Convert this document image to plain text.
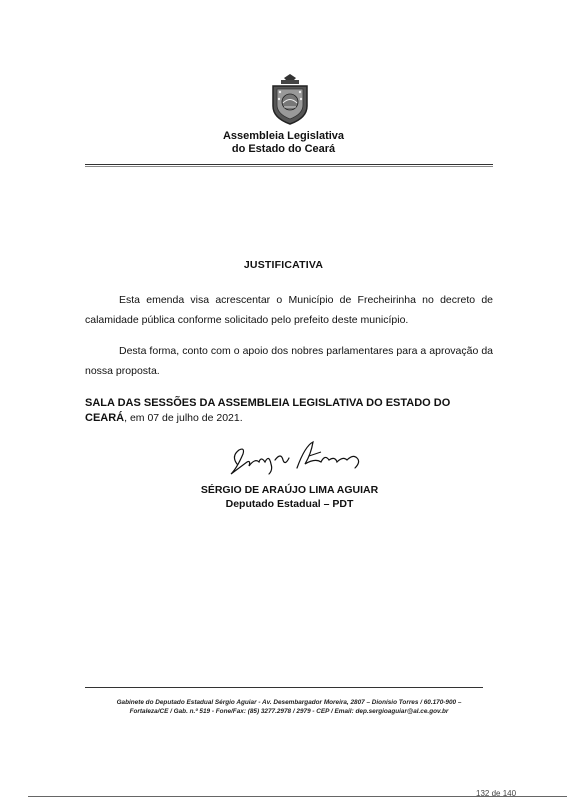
Assembleia Legislativa
do Estado do Ceará
JUSTIFICATIVA
Esta emenda visa acrescentar o Município de Frecheirinha no decreto de calamidade pública conforme solicitado pelo prefeito deste município.
Desta forma, conto com o apoio dos nobres parlamentares para a aprovação da nossa proposta.
SALA DAS SESSÕES DA ASSEMBLEIA LEGISLATIVA DO ESTADO DO CEARÁ, em 07 de julho de 2021.
SÉRGIO DE ARAÚJO LIMA AGUIAR
Deputado Estadual – PDT
Gabinete do Deputado Estadual Sérgio Aguiar - Av. Desembargador Moreira, 2807 – Dionísio Torres / 60.170-900 –
Fortaleza/CE / Gab. n.º 519 - Fone/Fax: (85) 3277.2978 / 2979 - CEP / Email: dep.sergioaguiar@al.ce.gov.br
132 de 140
